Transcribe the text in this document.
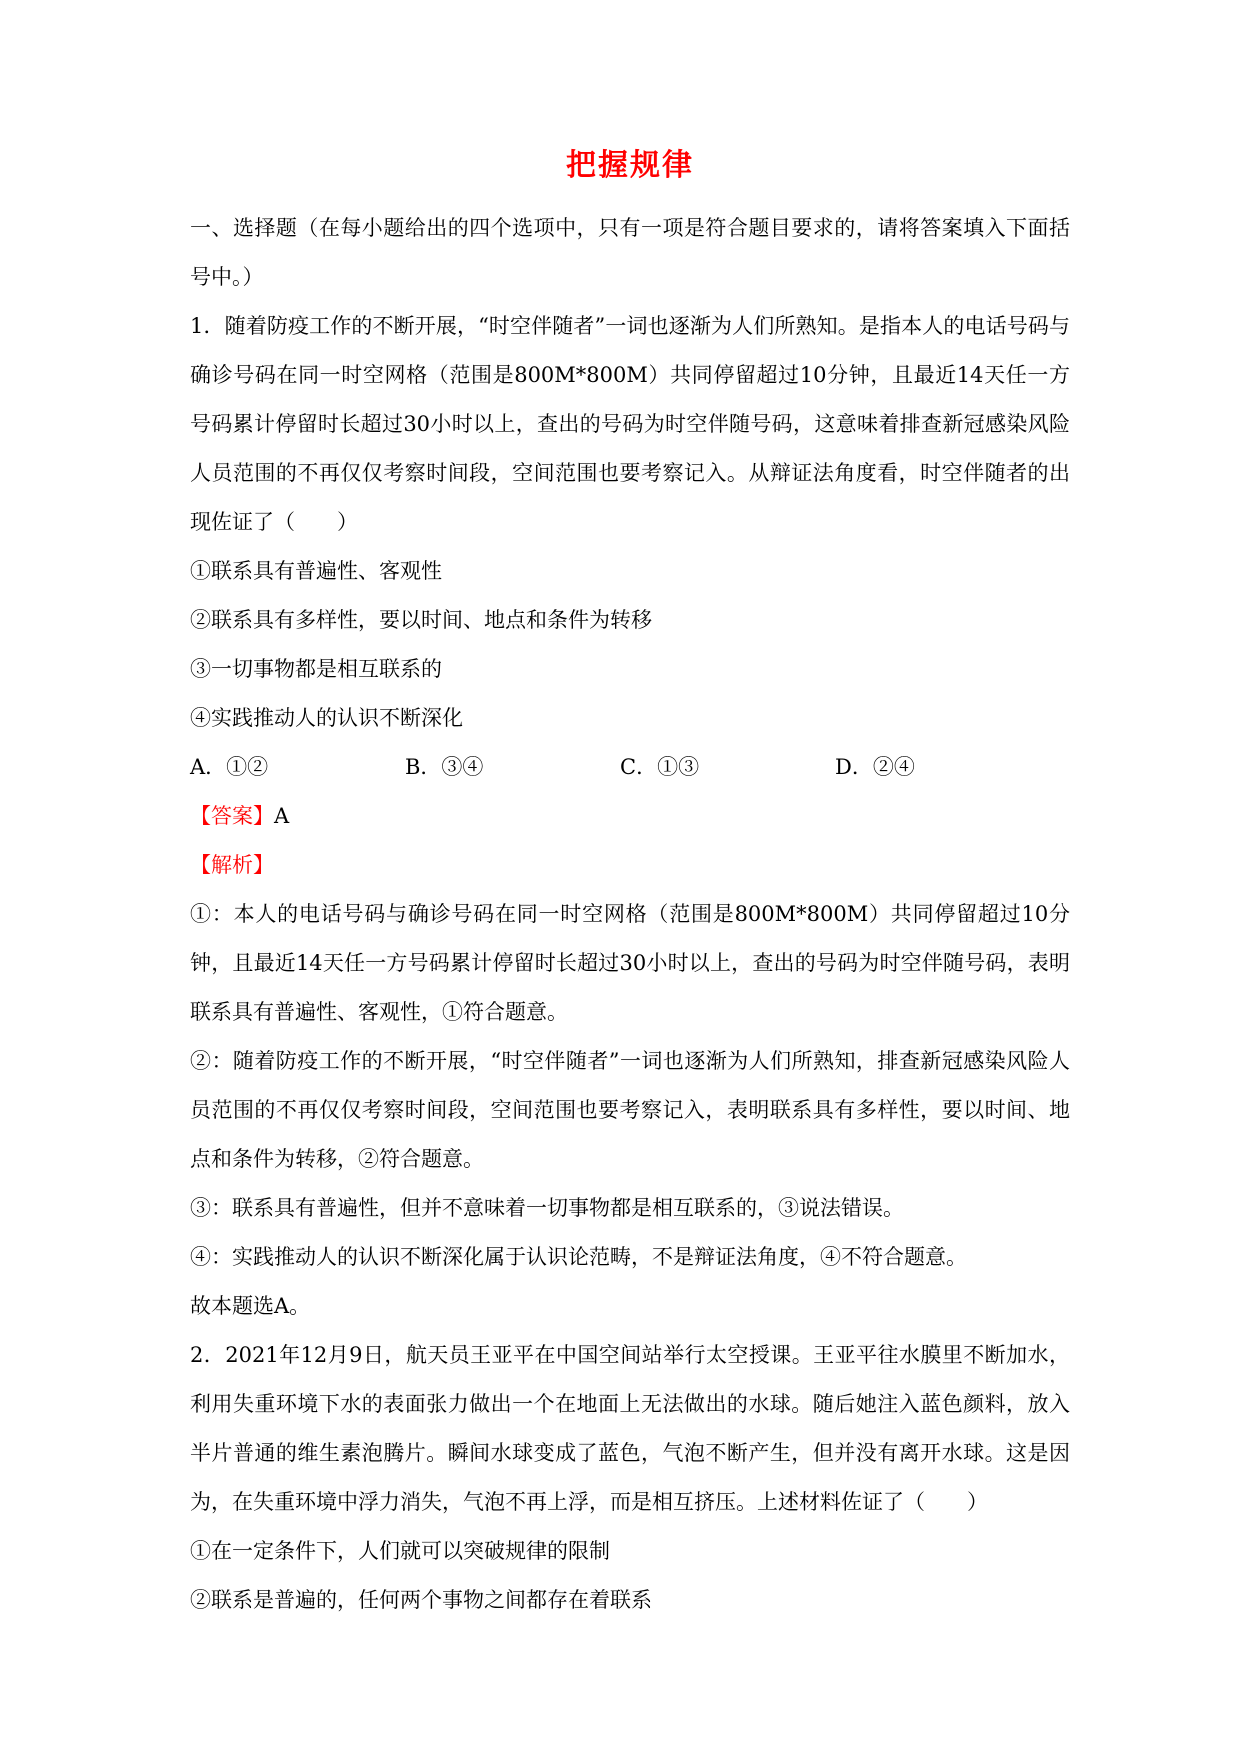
把握规律

一、选择题（在每小题给出的四个选项中，只有一项是符合题目要求的，请将答案填入下面括号中。）

1．随着防疫工作的不断开展，“时空伴随者”一词也逐渐为人们所熟知。是指本人的电话号码与确诊号码在同一时空网格（范围是800M*800M）共同停留超过10分钟，且最近14天任一方号码累计停留时长超过30小时以上，查出的号码为时空伴随号码，这意味着排查新冠感染风险人员范围的不再仅仅考察时间段，空间范围也要考察记入。从辩证法角度看，时空伴随者的出现佐证了（　　）

①联系具有普遍性、客观性

②联系具有多样性，要以时间、地点和条件为转移

③一切事物都是相互联系的

④实践推动人的认识不断深化

A．①②	B．③④	C．①③	D．②④

【答案】A

【解析】

①：本人的电话号码与确诊号码在同一时空网格（范围是800M*800M）共同停留超过10分钟，且最近14天任一方号码累计停留时长超过30小时以上，查出的号码为时空伴随号码，表明联系具有普遍性、客观性，①符合题意。

②：随着防疫工作的不断开展，“时空伴随者”一词也逐渐为人们所熟知，排查新冠感染风险人员范围的不再仅仅考察时间段，空间范围也要考察记入，表明联系具有多样性，要以时间、地点和条件为转移，②符合题意。

③：联系具有普遍性，但并不意味着一切事物都是相互联系的，③说法错误。

④：实践推动人的认识不断深化属于认识论范畴，不是辩证法角度，④不符合题意。

故本题选A。

2．2021年12月9日，航天员王亚平在中国空间站举行太空授课。王亚平往水膜里不断加水，利用失重环境下水的表面张力做出一个在地面上无法做出的水球。随后她注入蓝色颜料，放入半片普通的维生素泡腾片。瞬间水球变成了蓝色，气泡不断产生，但并没有离开水球。这是因为，在失重环境中浮力消失，气泡不再上浮，而是相互挤压。上述材料佐证了（　　）

①在一定条件下，人们就可以突破规律的限制

②联系是普遍的，任何两个事物之间都存在着联系
